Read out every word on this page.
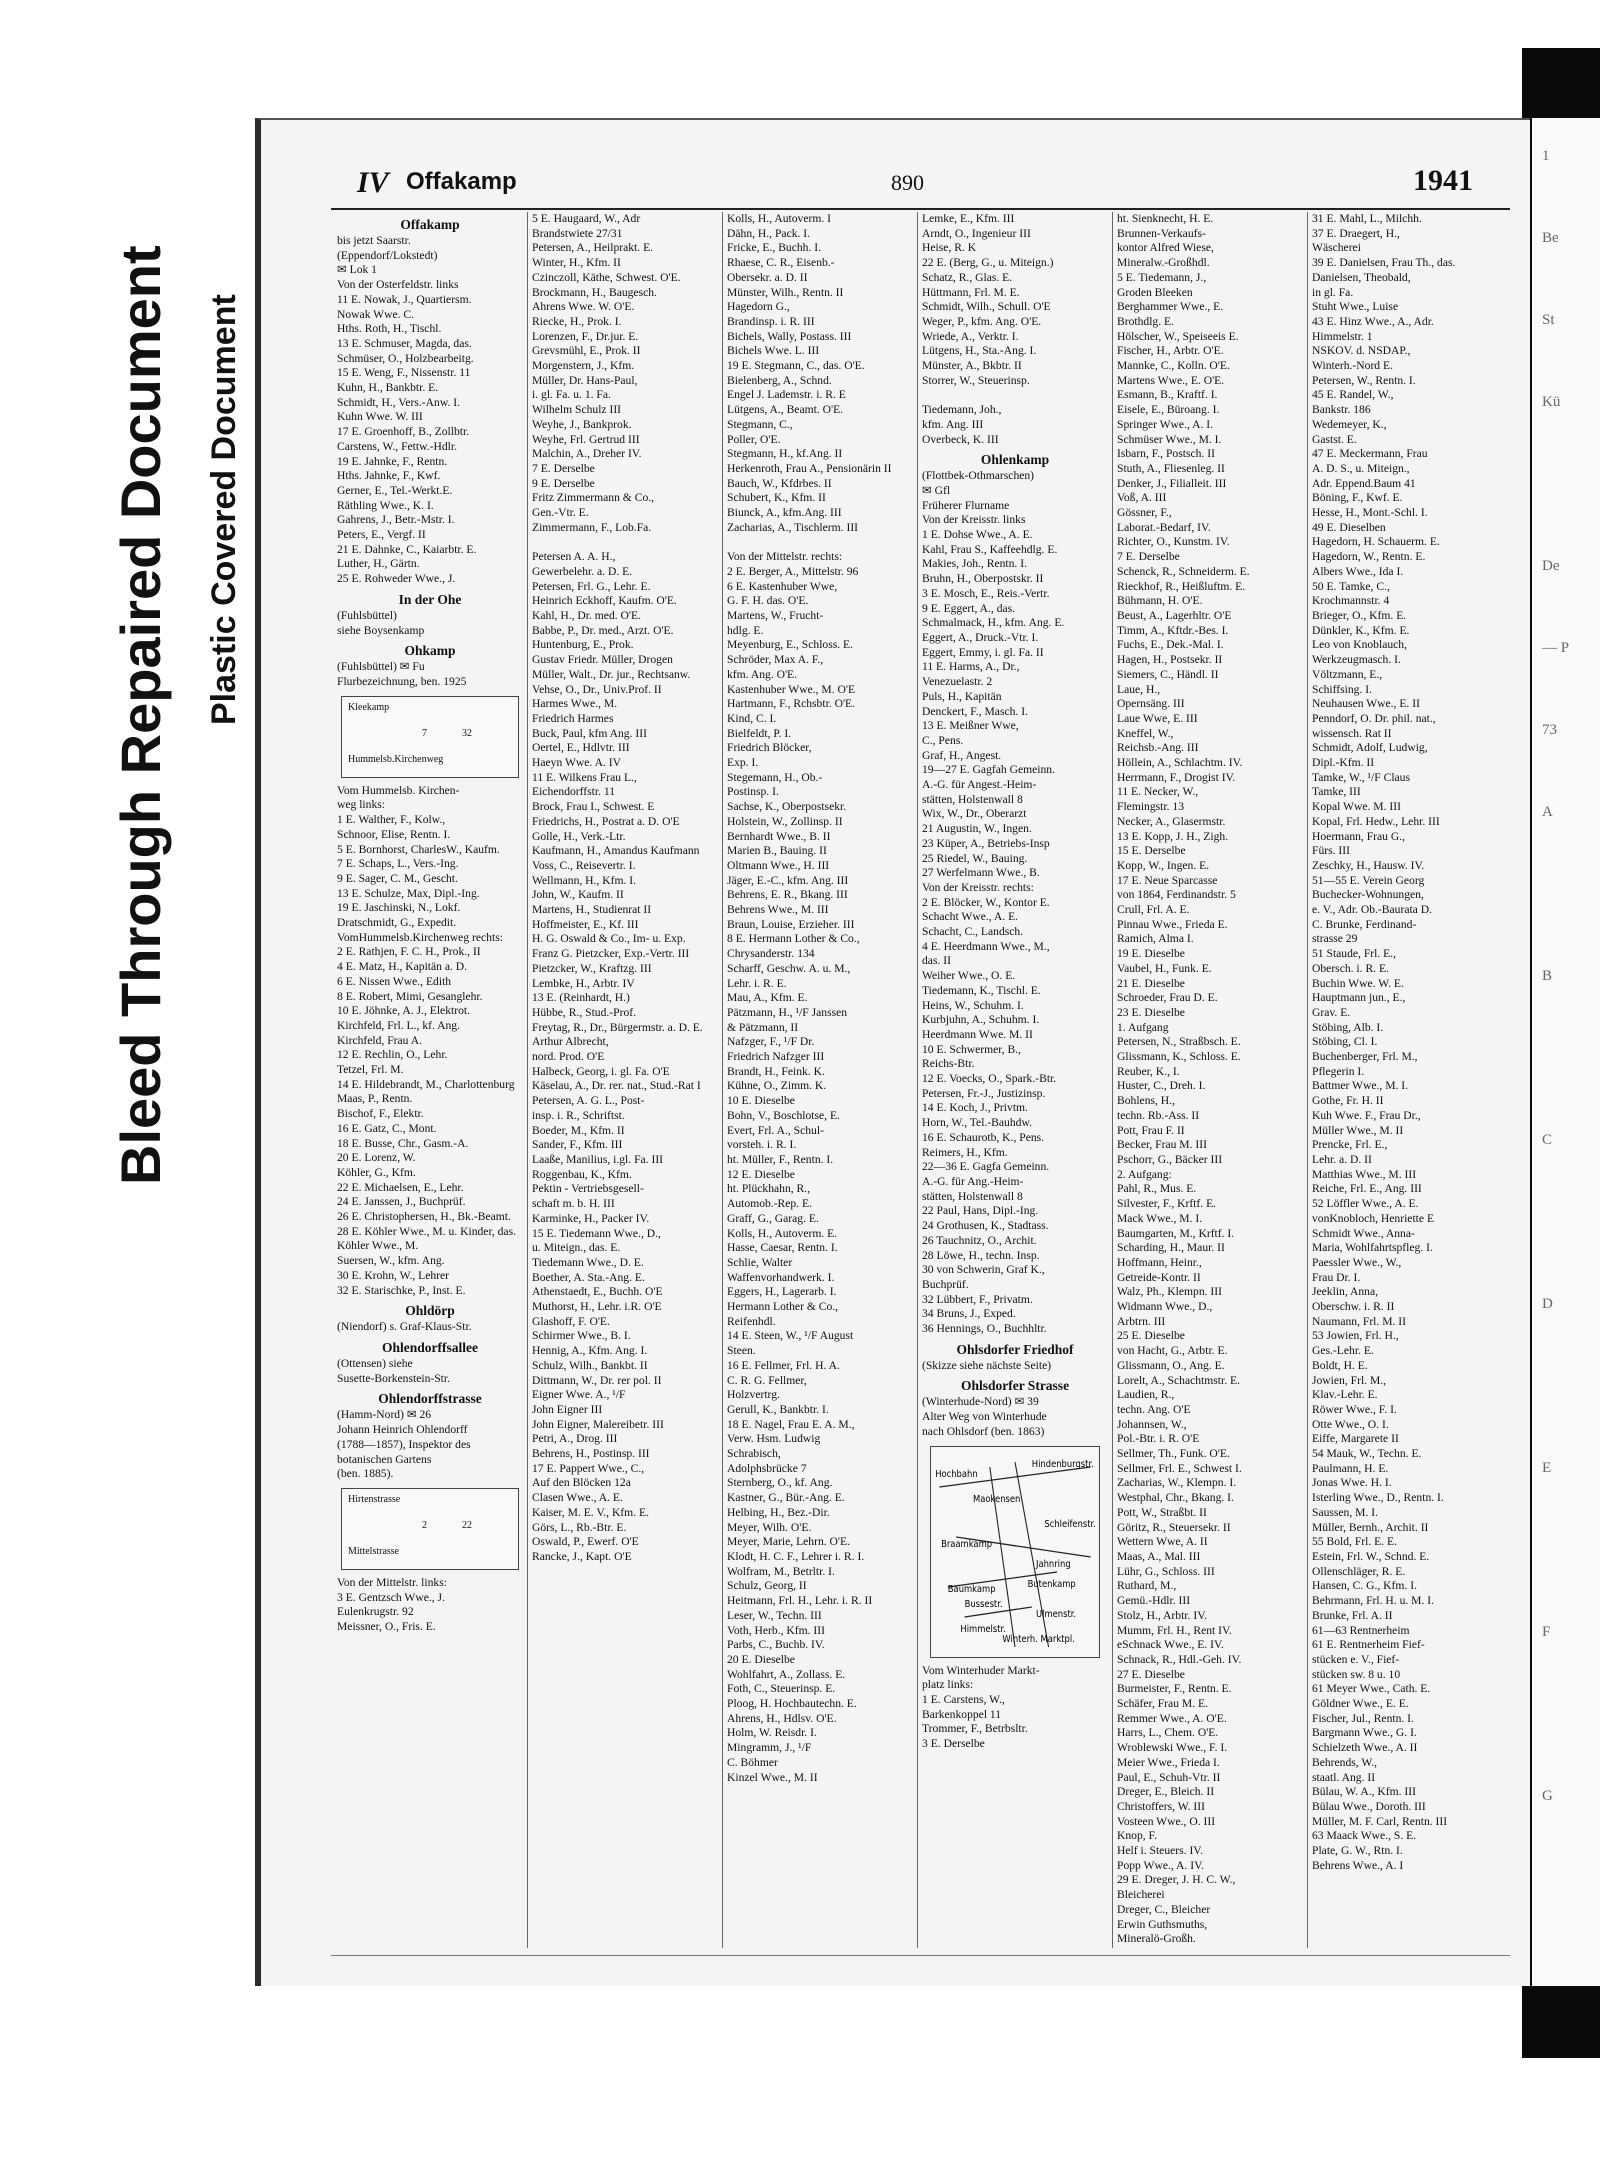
Bleed Through Repaired Document Plastic Covered Document
IV Offakamp	890	1941
Offakamp
bis jetzt Saarstr.
(Eppendorf/Lokstedt)
✉ Lok 1
Von der Osterfeldstr. links
11 E. Nowak, J., Quartiersm.
Nowak Wwe. C.
Hths. Roth, H., Tischl.
13 E. Schmuser, Magda, das.
Schmüser, O., Holzbearbeitg.
15 E. Weng, F., Nissenstr. 11
Kuhn, H., Bankbtr. E.
Schmidt, H., Vers.-Anw. I.
Kuhn Wwe. W. III
17 E. Groenhoff, B., Zollbtr.
Carstens, W., Fettw.-Hdlr.
19 E. Jahnke, F., Rentn.
Hths. Jahnke, F., Kwf.
Gerner, E., Tel.-Werkt.E.
Räthling Wwe., K. I.
Gahrens, J., Betr.-Mstr. I.
Peters, E., Vergf. II
21 E. Dahnke, C., Kaiarbtr. E.
Luther, H., Gärtn.
25 E. Rohweder Wwe., J.
In der Ohe
(Fuhlsbüttel)
siehe Boysenkamp
Ohkamp
(Fuhlsbüttel) ✉ Fu
Flurbezeichnung, ben. 1925
Kleekamp
Hummelsb.Kirchenweg
7	32
Vom Hummelsb. Kirchen-
weg links:
1 E. Walther, F., Kolw.,
Schnoor, Elise, Rentn. I.
5 E. Bornhorst, CharlesW., Kaufm.
7 E. Schaps, L., Vers.-Ing.
9 E. Sager, C. M., Gescht.
13 E. Schulze, Max, Dipl.-Ing.
19 E. Jaschinski, N., Lokf.
Dratschmidt, G., Expedit.
VomHummelsb.Kirchenweg rechts:
2 E. Rathjen, F. C. H., Prok., II
4 E. Matz, H., Kapitän a. D.
6 E. Nissen Wwe., Edith
8 E. Robert, Mimi, Gesanglehr.
10 E. Jöhnke, A. J., Elektrot.
Kirchfeld, Frl. L., kf. Ang.
Kirchfeld, Frau A.
12 E. Rechlin, O., Lehr.
Tetzel, Frl. M.
14 E. Hildebrandt, M., Charlottenburg
Maas, P., Rentn.
Bischof, F., Elektr.
16 E. Gatz, C., Mont.
18 E. Busse, Chr., Gasm.-A.
20 E. Lorenz, W.
Köhler, G., Kfm.
22 E. Michaelsen, E., Lehr.
24 E. Janssen, J., Buchprüf.
26 E. Christophersen, H., Bk.-Beamt.
28 E. Köhler Wwe., M. u. Kinder, das.
Köhler Wwe., M.
Suersen, W., kfm. Ang.
30 E. Krohn, W., Lehrer
32 E. Starischke, P., Inst. E.
Ohldörp
(Niendorf) s. Graf-Klaus-Str.
Ohlendorffsallee
(Ottensen) siehe
Susette-Borkenstein-Str.
Ohlendorffstrasse
(Hamm-Nord) ✉ 26
Johann Heinrich Ohlendorff
(1788—1857), Inspektor des
botanischen Gartens
(ben. 1885).
Hirtenstrasse
Mittelstrasse
2	22
Von der Mittelstr. links:
3 E. Gentzsch Wwe., J.
Eulenkrugstr. 92
Meissner, O., Fris. E.
5 E. Haugaard, W., Adr
Brandstwiete 27/31
Petersen, A., Heilprakt. E.
Winter, H., Kfm. II
Czinczoll, Käthe, Schwest. O'E.
Brockmann, H., Baugesch.
Ahrens Wwe. W. O'E.
Riecke, H., Prok. I.
Lorenzen, F., Dr.jur. E.
Grevsmühl, E., Prok. II
Morgenstern, J., Kfm.
Müller, Dr. Hans-Paul,
i. gl. Fa. u. 1. Fa.
Wilhelm Schulz III
Weyhe, J., Bankprok.
Weyhe, Frl. Gertrud III
Malchin, A., Dreher IV.
7 E. Derselbe
9 E. Derselbe
Fritz Zimmermann & Co.,
Gen.-Vtr. E.
Zimmermann, F., Lob.Fa.

Petersen A. A. H.,
Gewerbelehr. a. D. E.
Petersen, Frl. G., Lehr. E.
Heinrich Eckhoff, Kaufm. O'E.
Kahl, H., Dr. med. O'E.
Babbe, P., Dr. med., Arzt. O'E.
Huntenburg, E., Prok.
Gustav Friedr. Müller, Drogen
Müller, Walt., Dr. jur., Rechtsanw.
Vehse, O., Dr., Univ.Prof. II
Harmes Wwe., M.
Friedrich Harmes
Buck, Paul, kfm Ang. III
Oertel, E., Hdlvtr. III
Haeyn Wwe. A. IV
11 E. Wilkens Frau L.,
Eichendorffstr. 11
Brock, Frau I., Schwest. E
Friedrichs, H., Postrat a. D. O'E
Golle, H., Verk.-Ltr.
Kaufmann, H., Amandus Kaufmann
Voss, C., Reisevertr. I.
Wellmann, H., Kfm. I.
John, W., Kaufm. II
Martens, H., Studienrat II
Hoffmeister, E., Kf. III
H. G. Oswald & Co., Im- u. Exp.
Franz G. Pietzcker, Exp.-Vertr. III
Pietzcker, W., Kraftzg. III
Lembke, H., Arbtr. IV
13 E. (Reinhardt, H.)
Hübbe, R., Stud.-Prof.
Freytag, R., Dr., Bürgermstr. a. D. E.
Arthur Albrecht,
nord. Prod. O'E
Halbeck, Georg, i. gl. Fa. O'E
Käselau, A., Dr. rer. nat., Stud.-Rat I
Petersen, A. G. L., Post-
insp. i. R., Schriftst.
Boeder, M., Kfm. II
Sander, F., Kfm. III
Laaße, Manilius, i.gl. Fa. III
Roggenbau, K., Kfm.
Pektin - Vertriebsgesell-
schaft m. b. H. III
Karminke, H., Packer IV.
15 E. Tiedemann Wwe., D.,
u. Miteign., das. E.
Tiedemann Wwe., D. E.
Boether, A. Sta.-Ang. E.
Athenstaedt, E., Buchh. O'E
Muthorst, H., Lehr. i.R. O'E
Glashoff, F. O'E.
Schirmer Wwe., B. I.
Hennig, A., Kfm. Ang. I.
Schulz, Wilh., Bankbt. II
Dittmann, W., Dr. rer pol. II
Eigner Wwe. A., ¹/F
John Eigner III
John Eigner, Malereibetr. III
Petri, A., Drog. III
Behrens, H., Postinsp. III
17 E. Pappert Wwe., C.,
Auf den Blöcken 12a
Clasen Wwe., A. E.
Kaiser, M. E. V., Kfm. E.
Görs, L., Rb.-Btr. E.
Oswald, P., Ewerf. O'E
Rancke, J., Kapt. O'E
Kolls, H., Autoverm. I
Dähn, H., Pack. I.
Fricke, E., Buchh. I.
Rhaese, C. R., Eisenb.-
Obersekr. a. D. II
Münster, Wilh., Rentn. II
Hagedorn G.,
Brandinsp. i. R. III
Bichels, Wally, Postass. III
Bichels Wwe. L. III
19 E. Stegmann, C., das. O'E.
Bielenberg, A., Schnd.
Engel J. Lademstr. i. R. E
Lütgens, A., Beamt. O'E.
Stegmann, C.,
Poller, O'E.
Stegmann, H., kf.Ang. II
Herkenroth, Frau A., Pensionärin II
Bauch, W., Kfdrbes. II
Schubert, K., Kfm. II
Biunck, A., kfm.Ang. III
Zacharias, A., Tischlerm. III

Von der Mittelstr. rechts:
2 E. Berger, A., Mittelstr. 96
6 E. Kastenhuber Wwe,
G. F. H. das. O'E.
Martens, W., Frucht-
hdlg. E.
Meyenburg, E., Schloss. E.
Schröder, Max A. F.,
kfm. Ang. O'E.
Kastenhuber Wwe., M. O'E
Hartmann, F., Rchsbtr. O'E.
Kind, C. I.
Bielfeldt, P. I.
Friedrich Blöcker,
Exp. I.
Stegemann, H., Ob.-
Postinsp. I.
Sachse, K., Oberpostsekr.
Holstein, W., Zollinsp. II
Bernhardt Wwe., B. II
Marien B., Bauing. II
Oltmann Wwe., H. III
Jäger, E.-C., kfm. Ang. III
Behrens, E. R., Bkang. III
Behrens Wwe., M. III
Braun, Louise, Erzieher. III
8 E. Hermann Lother & Co.,
Chrysanderstr. 134
Scharff, Geschw. A. u. M.,
Lehr. i. R. E.
Mau, A., Kfm. E.
Pätzmann, H., ¹/F Janssen
& Pätzmann, II
Nafzger, F., ¹/F Dr.
Friedrich Nafzger III
Brandt, H., Feink. K.
Kühne, O., Zimm. K.
10 E. Dieselbe
Bohn, V., Boschlotse, E.
Evert, Frl. A., Schul-
vorsteh. i. R. I.
ht. Müller, F., Rentn. I.
12 E. Dieselbe
ht. Plückhahn, R.,
Automob.-Rep. E.
Graff, G., Garag. E.
Kolls, H., Autoverm. E.
Hasse, Caesar, Rentn. I.
Schlie, Walter
Waffenvorhandwerk. I.
Eggers, H., Lagerarb. I.
Hermann Lother & Co.,
Reifenhdl.
14 E. Steen, W., ¹/F August
Steen.
16 E. Fellmer, Frl. H. A.
C. R. G. Fellmer,
Holzvertrg.
Gerull, K., Bankbtr. I.
18 E. Nagel, Frau E. A. M.,
Verw. Hsm. Ludwig
Schrabisch,
Adolphsbrücke 7
Sternberg, O., kf. Ang.
Kastner, G., Bür.-Ang. E.
Helbing, H., Bez.-Dir.
Meyer, Wilh. O'E.
Meyer, Marie, Lehrn. O'E.
Klodt, H. C. F., Lehrer i. R. I.
Wolfram, M., Betrltr. I.
Schulz, Georg, II
Heitmann, Frl. H., Lehr. i. R. II
Leser, W., Techn. III
Voth, Herb., Kfm. III
Parbs, C., Buchb. IV.
20 E. Dieselbe
Wohlfahrt, A., Zollass. E.
Foth, C., Steuerinsp. E.
Ploog, H. Hochbautechn. E.
Ahrens, H., Hdlsv. O'E.
Holm, W. Reisdr. I.
Mingramm, J., ¹/F
C. Böhmer
Kinzel Wwe., M. II
Lemke, E., Kfm. III
Arndt, O., Ingenieur III
Heise, R. K
22 E. (Berg, G., u. Miteign.)
Schatz, R., Glas. E.
Hüttmann, Frl. M. E.
Schmidt, Wilh., Schull. O'E
Weger, P., kfm. Ang. O'E.
Wriede, A., Verktr. I.
Lütgens, H., Sta.-Ang. I.
Münster, A., Bkbtr. II
Storrer, W., Steuerinsp.

Tiedemann, Joh.,
kfm. Ang. III
Overbeck, K. III
Ohlenkamp
(Flottbek-Othmarschen)
✉ Gfl
Früherer Flurname
Von der Kreisstr. links
1 E. Dohse Wwe., A. E.
Kahl, Frau S., Kaffeehdlg. E.
Makies, Joh., Rentn. I.
Bruhn, H., Oberpostskr. II
3 E. Mosch, E., Reis.-Vertr.
9 E. Eggert, A., das.
Schmalmack, H., kfm. Ang. E.
Eggert, A., Druck.-Vtr. I.
Eggert, Emmy, i. gl. Fa. II
11 E. Harms, A., Dr.,
Venezuelastr. 2
Puls, H., Kapitän
Denckert, F., Masch. I.
13 E. Meißner Wwe,
C., Pens.
Graf, H., Angest.
19—27 E. Gagfah Gemeinn.
A.-G. für Angest.-Heim-
stätten, Holstenwall 8
Wix, W., Dr., Oberarzt
21 Augustin, W., Ingen.
23 Küper, A., Betriebs-Insp
25 Riedel, W., Bauing.
27 Werfelmann Wwe., B.
Von der Kreisstr. rechts:
2 E. Blöcker, W., Kontor E.
Schacht Wwe., A. E.
Schacht, C., Landsch.
4 E. Heerdmann Wwe., M.,
das. II
Weiher Wwe., O. E.
Tiedemann, K., Tischl. E.
Heins, W., Schuhm. I.
Kurbjuhn, A., Schuhm. I.
Heerdmann Wwe. M. II
10 E. Schwermer, B.,
Reichs-Btr.
12 E. Voecks, O., Spark.-Btr.
Petersen, Fr.-J., Justizinsp.
14 E. Koch, J., Privtm.
Horn, W., Tel.-Bauhdw.
16 E. Schaurotb, K., Pens.
Reimers, H., Kfm.
22—36 E. Gagfa Gemeinn.
A.-G. für Ang.-Heim-
stätten, Holstenwall 8
22 Paul, Hans, Dipl.-Ing.
24 Grothusen, K., Stadtass.
26 Tauchnitz, O., Archit.
28 Löwe, H., techn. Insp.
30 von Schwerin, Graf K.,
Buchprüf.
32 Lübbert, F., Privatm.
34 Bruns, J., Exped.
36 Hennings, O., Buchhltr.
Ohlsdorfer Friedhof
(Skizze siehe nächste Seite)
Ohlsdorfer Strasse
(Winterhude-Nord) ✉ 39
Alter Weg von Winterhude
nach Ohlsdorf (ben. 1863)
Hochbahn
Maokensen
Hindenburgstr.
Schleifenstr.
Braamkamp
Jahnring
Baumkamp	Butenkamp
Bussestr.
Himmelstr.
Winterh. Marktpl.
Ulmenstr.
Vom Winterhuder Markt-
platz links:
1 E. Carstens, W.,
Barkenkoppel 11
Trommer, F., Betrbsltr.
3 E. Derselbe
ht. Sienknecht, H. E.
Brunnen-Verkaufs-
kontor Alfred Wiese,
Mineralw.-Großhdl.
5 E. Tiedemann, J.,
Groden Bleeken
Berghammer Wwe., E.
Brothdlg. E.
Hölscher, W., Speiseeis E.
Fischer, H., Arbtr. O'E.
Mannke, C., Kolln. O'E.
Martens Wwe., E. O'E.
Esmann, B., Kraftf. I.
Eisele, E., Büroang. I.
Springer Wwe., A. I.
Schmüser Wwe., M. I.
Isbarn, F., Postsch. II
Stuth, A., Fliesenleg. II
Denker, J., Filialleit. III
Voß, A. III
Gössner, F.,
Laborat.-Bedarf, IV.
Richter, O., Kunstm. IV.
7 E. Derselbe
Schenck, R., Schneiderm. E.
Rieckhof, R., Heißluftm. E.
Bühmann, H. O'E.
Beust, A., Lagerhltr. O'E
Timm, A., Kftdr.-Bes. I.
Fuchs, E., Dek.-Mal. I.
Hagen, H., Postsekr. II
Siemers, C., Händl. II
Laue, H.,
Opernsäng. III
Laue Wwe, E. III
Kneffel, W.,
Reichsb.-Ang. III
Höllein, A., Schlachtm. IV.
Herrmann, F., Drogist IV.
11 E. Necker, W.,
Flemingstr. 13
Necker, A., Glasermstr.
13 E. Kopp, J. H., Zigh.
15 E. Derselbe
Kopp, W., Ingen. E.
17 E. Neue Sparcasse
von 1864, Ferdinandstr. 5
Crull, Frl. A. E.
Pinnau Wwe., Frieda E.
Ramich, Alma I.
19 E. Dieselbe
Vaubel, H., Funk. E.
21 E. Dieselbe
Schroeder, Frau D. E.
23 E. Dieselbe
1. Aufgang
Petersen, N., Straßbsch. E.
Glissmann, K., Schloss. E.
Reuber, K., I.
Huster, C., Dreh. I.
Bohlens, H.,
techn. Rb.-Ass. II
Pott, Frau F. II
Becker, Frau M. III
Pschorr, G., Bäcker III
2. Aufgang:
Pahl, R., Mus. E.
Silvester, F., Krftf. E.
Mack Wwe., M. I.
Baumgarten, M., Krftf. I.
Scharding, H., Maur. II
Hoffmann, Heinr.,
Getreide-Kontr. II
Walz, Ph., Klempn. III
Widmann Wwe., D.,
Arbtrn. III
25 E. Dieselbe
von Hacht, G., Arbtr. E.
Glissmann, O., Ang. E.
Lorelt, A., Schachtmstr. E.
Laudien, R.,
techn. Ang. O'E
Johannsen, W.,
Pol.-Btr. i. R. O'E
Sellmer, Th., Funk. O'E.
Sellmer, Frl. E., Schwest I.
Zacharias, W., Klempn. I.
Westphal, Chr., Bkang. I.
Pott, W., Straßbt. II
Göritz, R., Steuersekr. II
Wettern Wwe, A. II
Maas, A., Mal. III
Lühr, G., Schloss. III
Ruthard, M.,
Gemü.-Hdlr. III
Stolz, H., Arbtr. IV.
Mumm, Frl. H., Rent IV.
eSchnack Wwe., E. IV.
Schnack, R., Hdl.-Geh. IV.
27 E. Dieselbe
Burmeister, F., Rentn. E.
Schäfer, Frau M. E.
Remmer Wwe., A. O'E.
Harrs, L., Chem. O'E.
Wroblewski Wwe., F. I.
Meier Wwe., Frieda I.
Paul, E., Schuh-Vtr. II
Dreger, E., Bleich. II
Christoffers, W. III
Vosteen Wwe., O. III
Knop, F.
Helf i. Steuers. IV.
Popp Wwe., A. IV.
29 E. Dreger, J. H. C. W.,
Bleicherei
Dreger, C., Bleicher
Erwin Guthsmuths,
Mineralö-Großh.
31 E. Mahl, L., Milchh.
37 E. Draegert, H.,
Wäscherei
39 E. Danielsen, Frau Th., das.
Danielsen, Theobald,
in gl. Fa.
Stuht Wwe., Luise
43 E. Hinz Wwe., A., Adr.
Himmelstr. 1
NSKOV. d. NSDAP.,
Winterh.-Nord E.
Petersen, W., Rentn. I.
45 E. Randel, W.,
Bankstr. 186
Wedemeyer, K.,
Gastst. E.
47 E. Meckermann, Frau
A. D. S., u. Miteign.,
Adr. Eppend.Baum 41
Böning, F., Kwf. E.
Hesse, H., Mont.-Schl. I.
49 E. Dieselben
Hagedorn, H. Schauerm. E.
Hagedorn, W., Rentn. E.
Albers Wwe., Ida I.
50 E. Tamke, C.,
Krochmannstr. 4
Brieger, O., Kfm. E.
Dünkler, K., Kfm. E.
Leo von Knoblauch,
Werkzeugmasch. I.
Völtzmann, E.,
Schiffsing. I.
Neuhausen Wwe., E. II
Penndorf, O. Dr. phil. nat.,
wissensch. Rat II
Schmidt, Adolf, Ludwig,
Dipl.-Kfm. II
Tamke, W., ¹/F Claus
Tamke, III
Kopal Wwe. M. III
Kopal, Frl. Hedw., Lehr. III
Hoermann, Frau G.,
Fürs. III
Zeschky, H., Hausw. IV.
51—55 E. Verein Georg
Buchecker-Wohnungen,
e. V., Adr. Ob.-Baurata D.
C. Brunke, Ferdinand-
strasse 29
51 Staude, Frl. E.,
Obersch. i. R. E.
Buchin Wwe. W. E.
Hauptmann jun., E.,
Grav. E.
Stöbing, Alb. I.
Stöbing, Cl. I.
Buchenberger, Frl. M.,
Pflegerin I.
Battmer Wwe., M. I.
Gothe, Fr. H. II
Kuh Wwe. F., Frau Dr.,
Müller Wwe., M. II
Prencke, Frl. E.,
Lehr. a. D. II
Matthias Wwe., M. III
Reiche, Frl. E., Ang. III
52 Löffler Wwe., A. E.
vonKnobloch, Henriette E
Schmidt Wwe., Anna-
Maria, Wohlfahrtspfleg. I.
Paessler Wwe., W.,
Frau Dr. I.
Jeeklin, Anna,
Oberschw. i. R. II
Naumann, Frl. M. II
53 Jowien, Frl. H.,
Ges.-Lehr. E.
Boldt, H. E.
Jowien, Frl. M.,
Klav.-Lehr. E.
Röwer Wwe., F. I.
Otte Wwe., O. I.
Eiffe, Margarete II
54 Mauk, W., Techn. E.
Paulmann, H. E.
Jonas Wwe. H. I.
Isterling Wwe., D., Rentn. I.
Saussen, M. I.
Müller, Bernh., Archit. II
55 Bold, Frl. E. E.
Estein, Frl. W., Schnd. E.
Ollenschläger, R. E.
Hansen, C. G., Kfm. I.
Behrmann, Frl. H. u. M. I.
Brunke, Frl. A. II
61—63 Rentnerheim
61 E. Rentnerheim Fief-
stücken e. V., Fief-
stücken sw. 8 u. 10
61 Meyer Wwe., Cath. E.
Göldner Wwe., E. E.
Fischer, Jul., Rentn. I.
Bargmann Wwe., G. I.
Schielzeth Wwe., A. II
Behrends, W.,
staatl. Ang. II
Bülau, W. A., Kfm. III
Bülau Wwe., Doroth. III
Müller, M. F. Carl, Rentn. III
63 Maack Wwe., S. E.
Plate, G. W., Rtn. I.
Behrens Wwe., A. I
1
Be
St
Kü
De
— P
73
A
B
C
D
E
F
G
